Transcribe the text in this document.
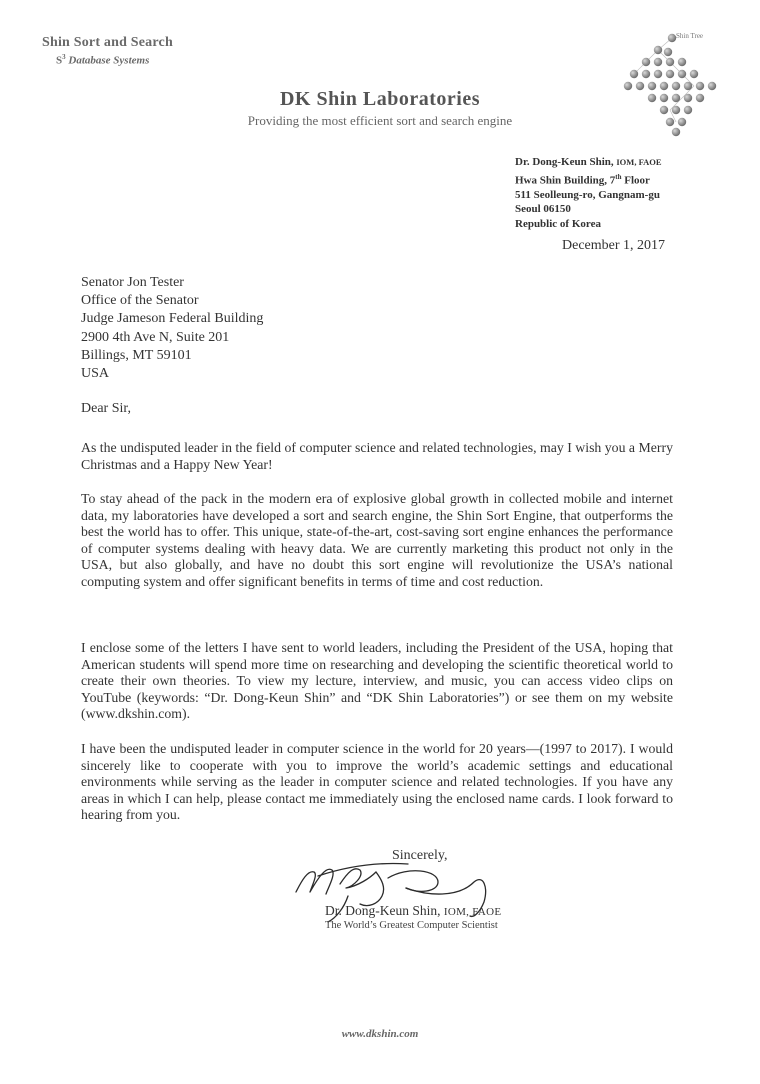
Shin Sort and Search
$S^3$ Database Systems
Shin Tree
DK Shin Laboratories
Providing the most efficient sort and search engine
Dr. Dong-Keun Shin, IOM, FAOE
Hwa Shin Building, 7th Floor
511 Seolleung-ro, Gangnam-gu
Seoul 06150
Republic of Korea
December 1, 2017
Senator Jon Tester
Office of the Senator
Judge Jameson Federal Building
2900 4th Ave N, Suite 201
Billings, MT 59101
USA
Dear Sir,
As the undisputed leader in the field of computer science and related technologies, may I wish you a Merry Christmas and a Happy New Year!
To stay ahead of the pack in the modern era of explosive global growth in collected mobile and internet data, my laboratories have developed a sort and search engine, the Shin Sort Engine, that outperforms the best the world has to offer. This unique, state-of-the-art, cost-saving sort engine enhances the performance of computer systems dealing with heavy data. We are currently marketing this product not only in the USA, but also globally, and have no doubt this sort engine will revolutionize the USA’s national computing system and offer significant benefits in terms of time and cost reduction.
I enclose some of the letters I have sent to world leaders, including the President of the USA, hoping that American students will spend more time on researching and developing the scientific theoretical world to create their own theories. To view my lecture, interview, and music, you can access video clips on YouTube (keywords: “Dr. Dong-Keun Shin” and “DK Shin Laboratories”) or see them on my website (www.dkshin.com).
I have been the undisputed leader in computer science in the world for 20 years—(1997 to 2017). I would sincerely like to cooperate with you to improve the world’s academic settings and educational environments while serving as the leader in computer science and related technologies. If you have any areas in which I can help, please contact me immediately using the enclosed name cards. I look forward to hearing from you.
Sincerely,
Dr. Dong-Keun Shin, IOM, FAOE
The World’s Greatest Computer Scientist
www.dkshin.com
